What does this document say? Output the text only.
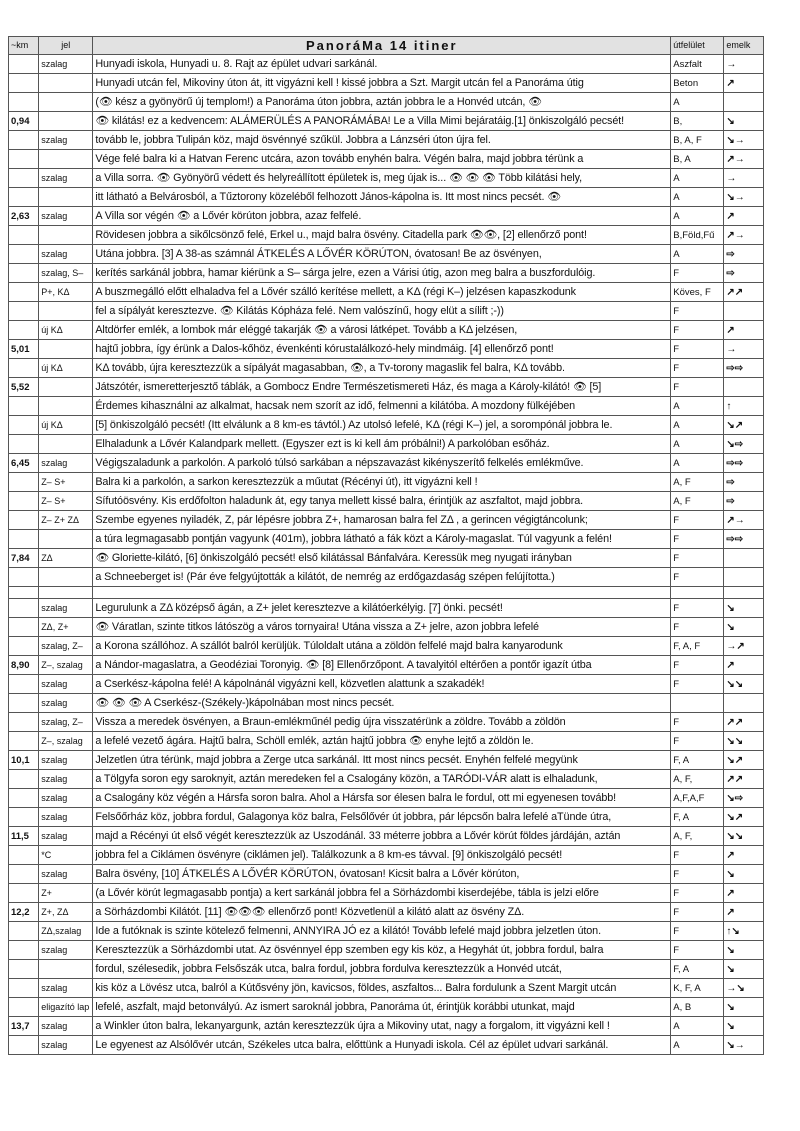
~km	jel	PanoráMa 14 itiner	útfelület	emelk
	szalag	Hunyadi iskola, Hunyadi u. 8. Rajt az épület udvari sarkánál.	Aszfalt	→
		Hunyadi utcán fel, Mikoviny úton át, itt vigyázni kell ! kissé jobbra a Szt. Margit utcán fel a Panoráma útig	Beton	↗
		(👁 kész a gyönyörű új templom!) a Panoráma úton jobbra, aztán jobbra le a Honvéd utcán, 👁	A	
0,94		👁 kilátás! ez a kedvencem: ALÁMERÜLÉS A PANORÁMÁBA! Le a Villa Mimi bejáratáig.[1] önkiszolgáló pecsét!	B,	↘
	szalag	tovább le, jobbra Tulipán köz, majd ösvénnyé szűkül. Jobbra a Lánzséri úton újra fel.	B, A, F	↘→
		Vége felé balra ki a Hatvan Ferenc utcára, azon tovább enyhén balra. Végén balra, majd jobbra térünk a	B, A	↗→
	szalag	a Villa sorra. 👁 Gyönyörű védett és helyreállított épületek is, meg újak is... 👁 👁 👁 Több kilátási hely,	A	→
		itt látható a Belvárosból, a Tűztorony közeléből felhozott János-kápolna is. Itt most nincs pecsét. 👁	A	↘→
2,63	szalag	A Villa sor végén 👁 a Lővér körúton jobbra, azaz felfelé.	A	↗
		Rövidesen jobbra a sikőlcsönző felé, Erkel u., majd balra ösvény. Citadella park 👁👁, [2] ellenőrző pont!	B,Föld,Fű	↗→
	szalag	Utána jobbra. [3] A 38-as számnál ÁTKELÉS A LŐVÉR KÖRÚTON, óvatosan! Be az ösvényen,	A	⇨
	szalag, S–	kerítés sarkánál jobbra, hamar kiérünk a S– sárga jelre, ezen a Várisi útig, azon meg balra a buszfordulóig.	F	⇨
	P+, KΔ	A buszmegálló előtt elhaladva fel a Lővér szálló kerítése mellett, a KΔ (régi K–) jelzésen kapaszkodunk	Köves, F	↗↗
		fel a sípályát keresztezve. 👁 Kilátás Kópháza felé. Nem valószínű, hogy elüt a sílift ;-))	F	
	új KΔ	Altdörfer emlék, a lombok már eléggé takarják 👁 a városi látképet. Tovább a KΔ jelzésen,	F	↗
5,01		hajtű jobbra, így érünk a Dalos-kőhöz, évenkénti kórustalálkozó-hely mindmáig. [4] ellenőrző pont!	F	→
	új KΔ	KΔ tovább, újra keresztezzük a sípályát magasabban, 👁, a Tv-torony magaslik fel balra, KΔ tovább.	F	⇨⇨
5,52		Játszótér, ismeretterjesztő táblák, a Gombocz Endre Természetismereti Ház, és maga a Károly-kilátó! 👁 [5]	F	
		Érdemes kihasználni az alkalmat, hacsak nem szorít az idő, felmenni a kilátóba. A mozdony fülkéjében	A	↑
	új KΔ	[5] önkiszolgáló pecsét! (Itt elválunk a 8 km-es távtól.) Az utolsó lefelé, KΔ (régi K–) jel, a sorompónál jobbra le.	A	↘↗
		Elhaladunk a Lővér Kalandpark mellett. (Egyszer ezt is ki kell ám próbálni!) A parkolóban esőház.	A	↘⇨
6,45	szalag	Végigszaladunk a parkolón. A parkoló túlsó sarkában a népszavazást kikényszerítő felkelés emlékműve.	A	⇨⇨
	Z– S+	Balra ki a parkolón, a sarkon keresztezzük a műutat (Récényi út), itt vigyázni kell !	A, F	⇨
	Z– S+	Sífutóösvény. Kis erdőfolton haladunk át, egy tanya mellett kissé balra, érintjük az aszfaltot, majd jobbra.	A, F	⇨
	Z– Z+ ZΔ	Szembe egyenes nyiladék, Z, pár lépésre jobbra Z+, hamarosan balra fel ZΔ , a gerincen végigtáncolunk;	F	↗→
		a túra legmagasabb pontján vagyunk (401m), jobbra látható a fák közt a Károly-magaslat. Túl vagyunk a felén!	F	⇨⇨
7,84	ZΔ	👁 Gloriette-kilátó, [6] önkiszolgáló pecsét! első kilátással Bánfalvára. Keressük meg nyugati irányban	F	
		a Schneeberget is! (Pár éve felgyújtották a kilátót, de nemrég az erdőgazdaság szépen felújította.)	F	

	szalag	Legurulunk a ZΔ középső ágán, a Z+ jelet keresztezve a kilátóerkélyig. [7] önki. pecsét!	F	↘
	ZΔ, Z+	👁 Váratlan, szinte titkos látószög a város tornyaira! Utána vissza a Z+ jelre, azon jobbra lefelé	F	↘
	szalag, Z–	a Korona szállóhoz. A szállót balról kerüljük. Túloldalt utána a zöldön felfelé majd balra kanyarodunk	F, A, F	→↗
8,90	Z–, szalag	a Nándor-magaslatra, a Geodéziai Toronyig. 👁 [8] Ellenőrzőpont. A tavalyitól eltérően a pontőr igazít útba	F	↗
	szalag	a Cserkész-kápolna felé! A kápolnánál vigyázni kell, közvetlen alattunk a szakadék!	F	↘↘
	szalag	👁 👁 👁 A Cserkész-(Székely-)kápolnában most nincs pecsét.		
	szalag, Z–	Vissza a meredek ösvényen, a Braun-emlékműnél pedig újra visszatérünk a zöldre. Tovább a zöldön	F	↗↗
	Z–, szalag	a lefelé vezető ágára. Hajtű balra, Schöll emlék, aztán hajtű jobbra 👁 enyhe lejtő a zöldön le.	F	↘↘
10,1	szalag	Jelzetlen útra térünk, majd jobbra a Zerge utca sarkánál. Itt most nincs pecsét. Enyhén felfelé megyünk	F, A	↘↗
	szalag	a Tölgyfa soron egy saroknyit, aztán meredeken fel a Csalogány közön, a TARÓDI-VÁR alatt is elhaladunk,	A, F,	↗↗
	szalag	a Csalogány köz végén a Hársfa soron balra. Ahol a Hársfa sor élesen balra le fordul, ott mi egyenesen tovább!	A,F,A,F	↘⇨
	szalag	Felsőőrház köz, jobbra fordul, Galagonya köz balra, Felsőlővér út jobbra, pár lépcsőn balra lefelé aTünde útra,	F, A	↘↗
11,5	szalag	majd a Récényi út első végét keresztezzük az Uszodánál. 33 méterre jobbra a Lővér körút földes járdáján, aztán	A, F,	↘↘
	*C	jobbra fel a Ciklámen ösvényre (ciklámen jel). Találkozunk a 8 km-es távval. [9] önkiszolgáló pecsét!	F	↗
	szalag	Balra ösvény, [10] ÁTKELÉS A LŐVÉR KÖRÚTON, óvatosan! Kicsit balra a Lővér körúton,	F	↘
	Z+	(a Lővér körút legmagasabb pontja) a kert sarkánál jobbra fel a Sörházdombi kiserdejébe, tábla is jelzi előre	F	↗
12,2	Z+, ZΔ	a Sörházdombi Kilátót. [11] 👁👁👁 ellenőrző pont! Közvetlenül a kilátó alatt az ösvény ZΔ.	F	↗
	ZΔ,szalag	Ide a futóknak is szinte kötelező felmenni, ANNYIRA JÓ ez a kilátó! Tovább lefelé majd jobbra jelzetlen úton.	F	↑↘
	szalag	Keresztezzük a Sörházdombi utat. Az ösvénnyel épp szemben egy kis köz, a Hegyhát út, jobbra fordul, balra	F	↘
		fordul, szélesedik, jobbra Felsőszák utca, balra fordul, jobbra fordulva keresztezzük a Honvéd utcát,	F, A	↘
	szalag	kis köz a Lövész utca, balról a Kútősvény jön, kavicsos, földes, aszfaltos... Balra fordulunk a Szent Margit utcán	K, F, A	→↘
	eligazító lap	lefelé, aszfalt, majd betonvályú. Az ismert saroknál jobbra, Panoráma út, érintjük korábbi utunkat, majd	A, B	↘
13,7	szalag	a Winkler úton balra, lekanyargunk, aztán keresztezzük újra a Mikoviny utat, nagy a forgalom, itt vigyázni kell !	A	↘
	szalag	Le egyenest az Alsólővér utcán, Székeles utca balra, előttünk a Hunyadi iskola. Cél az épület udvari sarkánál.	A	↘→
